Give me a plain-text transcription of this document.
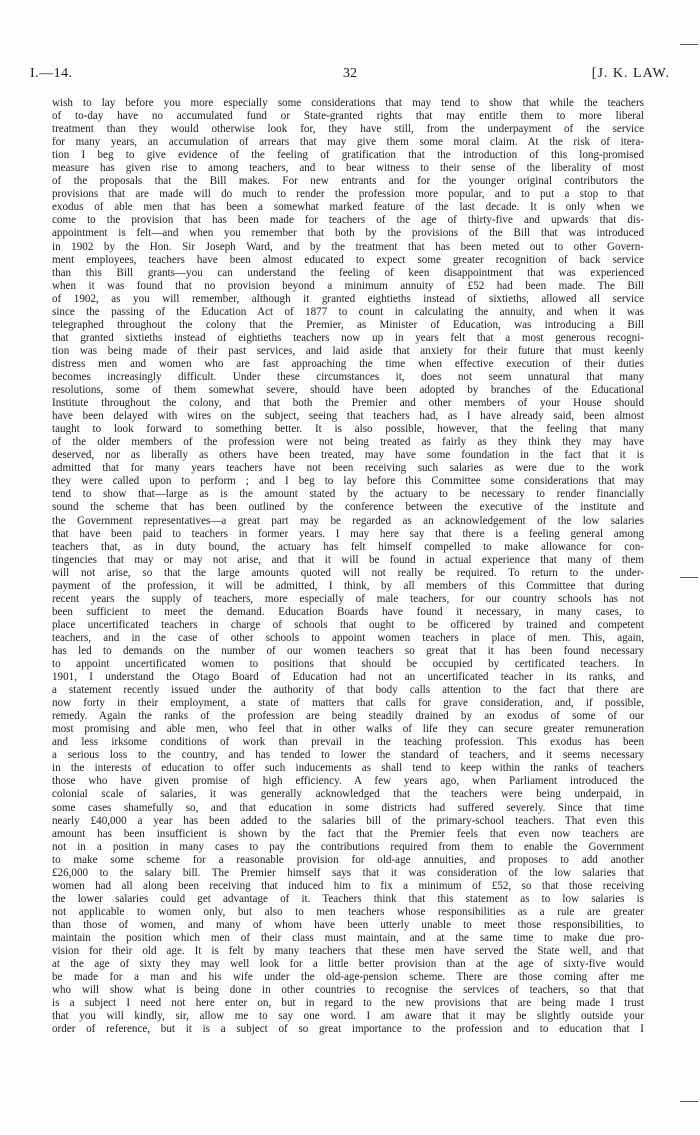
I.—14.	32	[J. K. LAW.
wish to lay before you more especially some considerations that may tend to show that while the teachers
of to-day have no accumulated fund or State-granted rights that may entitle them to more liberal
treatment than they would otherwise look for, they have still, from the underpayment of the service
for many years, an accumulation of arrears that may give them some moral claim. At the risk of itera-
tion I beg to give evidence of the feeling of gratification that the introduction of this long-promised
measure has given rise to among teachers, and to bear witness to their sense of the liberality of most
of the proposals that the Bill makes. For new entrants and for the younger original contributors the
provisions that are made will do much to render the profession more popular, and to put a stop to that
exodus of able men that has been a somewhat marked feature of the last decade. It is only when we
come to the provision that has been made for teachers of the age of thirty-five and upwards that dis-
appointment is felt—and when you remember that both by the provisions of the Bill that was introduced
in 1902 by the Hon. Sir Joseph Ward, and by the treatment that has been meted out to other Govern-
ment employees, teachers have been almost educated to expect some greater recognition of back service
than this Bill grants—you can understand the feeling of keen disappointment that was experienced
when it was found that no provision beyond a minimum annuity of £52 had been made. The Bill
of 1902, as you will remember, although it granted eightieths instead of sixtieths, allowed all service
since the passing of the Education Act of 1877 to count in calculating the annuity, and when it was
telegraphed throughout the colony that the Premier, as Minister of Education, was introducing a Bill
that granted sixtieths instead of eightieths teachers now up in years felt that a most generous recogni-
tion was being made of their past services, and laid aside that anxiety for their future that must keenly
distress men and women who are fast approaching the time when effective execution of their duties
becomes increasingly difficult. Under these circumstances it, does not seem unnatural that many
resolutions, some of them somewhat severe, should have been adopted by branches of the Educational
Institute throughout the colony, and that both the Premier and other members of your House should
have been delayed with wires on the subject, seeing that teachers had, as I have already said, been almost
taught to look forward to something better. It is also possible, however, that the feeling that many
of the older members of the profession were not being treated as fairly as they think they may have
deserved, nor as liberally as others have been treated, may have some foundation in the fact that it is
admitted that for many years teachers have not been receiving such salaries as were due to the work
they were called upon to perform ; and I beg to lay before this Committee some considerations that may
tend to show that—large as is the amount stated by the actuary to be necessary to render financially
sound the scheme that has been outlined by the conference between the executive of the institute and
the Government representatives—a great part may be regarded as an acknowledgement of the low salaries
that have been paid to teachers in former years. I may here say that there is a feeling general among
teachers that, as in duty bound, the actuary has felt himself compelled to make allowance for con-
tingencies that may or may not arise, and that it will be found in actual experience that many of them
will not arise, so that the large amounts quoted will not really be required. To return to the under-
payment of the profession, it will be admitted, I think, by all members of this Committee that during
recent years the supply of teachers, more especially of male teachers, for our country schools has not
been sufficient to meet the demand. Education Boards have found it necessary, in many cases, to
place uncertificated teachers in charge of schools that ought to be officered by trained and competent
teachers, and in the case of other schools to appoint women teachers in place of men. This, again,
has led to demands on the number of our women teachers so great that it has been found necessary
to appoint uncertificated women to positions that should be occupied by certificated teachers. In
1901, I understand the Otago Board of Education had not an uncertificated teacher in its ranks, and
a statement recently issued under the authority of that body calls attention to the fact that there are
now forty in their employment, a state of matters that calls for grave consideration, and, if possible,
remedy. Again the ranks of the profession are being steadily drained by an exodus of some of our
most promising and able men, who feel that in other walks of life they can secure greater remuneration
and less irksome conditions of work than prevail in the teaching profession. This exodus has been
a serious loss to the country, and has tended to lower the standard of teachers, and it seems necessary
in the interests of education to offer such inducements as shall tend to keep within the ranks of teachers
those who have given promise of high efficiency. A few years ago, when Parliament introduced the
colonial scale of salaries, it was generally acknowledged that the teachers were being underpaid, in
some cases shamefully so, and that education in some districts had suffered severely. Since that time
nearly £40,000 a year has been added to the salaries bill of the primary-school teachers. That even this
amount has been insufficient is shown by the fact that the Premier feels that even now teachers are
not in a position in many cases to pay the contributions required from them to enable the Government
to make some scheme for a reasonable provision for old-age annuities, and proposes to add another
£26,000 to the salary bill. The Premier himself says that it was consideration of the low salaries that
women had all along been receiving that induced him to fix a minimum of £52, so that those receiving
the lower salaries could get advantage of it. Teachers think that this statement as to low salaries is
not applicable to women only, but also to men teachers whose responsibilities as a rule are greater
than those of women, and many of whom have been utterly unable to meet those responsibilities, to
maintain the position which men of their class must maintain, and at the same time to make due pro-
vision for their old age. It is felt by many teachers that these men have served the State well, and that
at the age of sixty they may well look for a little better provision than at the age of sixty-five would
be made for a man and his wife under the old-age-pension scheme. There are those coming after me
who will show what is being done in other countries to recognise the services of teachers, so that that
is a subject I need not here enter on, but in regard to the new provisions that are being made I trust
that you will kindly, sir, allow me to say one word. I am aware that it may be slightly outside your
order of reference, but it is a subject of so great importance to the profession and to education that I
